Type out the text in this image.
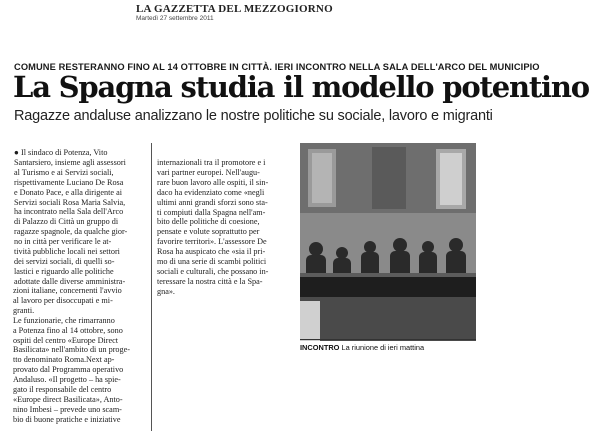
LA GAZZETTA DEL MEZZOGIORNO
Martedì 27 settembre 2011
COMUNE RESTERANNO FINO AL 14 OTTOBRE IN CITTÀ. IERI INCONTRO NELLA SALA DELL'ARCO DEL MUNICIPIO
La Spagna studia il modello potentino
Ragazze andaluse analizzano le nostre politiche su sociale, lavoro e migranti

● Il sindaco di Potenza, Vito

Santarsiero, insieme agli assessori

al Turismo e ai Servizi sociali,

rispettivamente Luciano De Rosa

e Donato Pace, e alla dirigente ai

Servizi sociali Rosa Maria Salvia,

ha incontrato nella Sala dell'Arco

di Palazzo di Città un gruppo di

ragazze spagnole, da qualche gior-

no in città per verificare le at-

tività pubbliche locali nei settori

dei servizi sociali, di quelli so-

lastici e riguardo alle politiche

adottate dalle diverse amministra-

zioni italiane, concernenti l'avvio

al lavoro per disoccupati e mi-

granti.

Le funzionarie, che rimarranno

a Potenza fino al 14 ottobre, sono

ospiti del centro «Europe Direct

Basilicata» nell'ambito di un proge-

tto denominato Roma.Next ap-

provato dal Programma operativo

Andaluso. «Il progetto – ha spie-

gato il responsabile del centro

«Europe direct Basilicata», Anto-

nino Imbesi – prevede uno scam-

bio di buone pratiche e iniziative

internazionali tra il promotore e i

vari partner europei. Nell'augu-

rare buon lavoro alle ospiti, il sin-

daco ha evidenziato come «negli

ultimi anni grandi sforzi sono sta-

ti compiuti dalla Spagna nell'am-

bito delle politiche di coesione,

pensate e volute soprattutto per

favorire territori». L'assessore De

Rosa ha auspicato che «sia il pri-

mo di una serie di scambi politici

sociali e culturali, che possano in-

teressare la nostra città e la Spa-

gna».

INCONTRO La riunione di ieri mattina
